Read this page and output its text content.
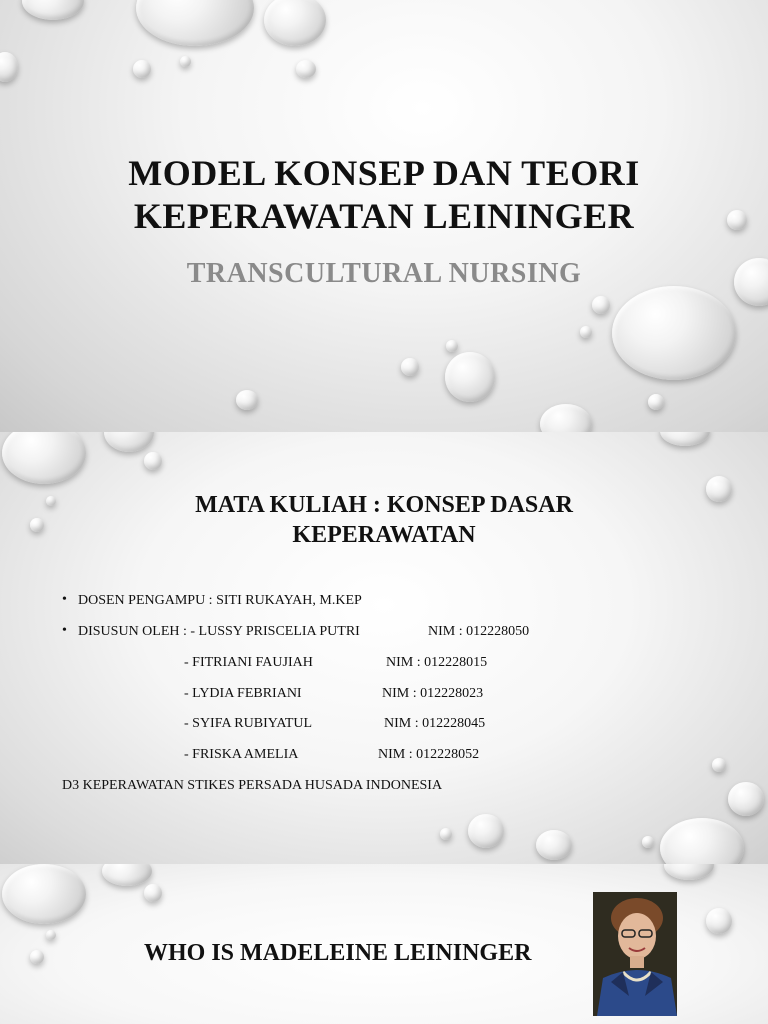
MODEL KONSEP DAN TEORI
KEPERAWATAN LEININGER
TRANSCULTURAL NURSING
MATA KULIAH : KONSEP DASAR
KEPERAWATAN
• DOSEN PENGAMPU : SITI RUKAYAH, M.KEP
• DISUSUN OLEH : - LUSSY PRISCELIA PUTRI	NIM : 012228050
- FITRIANI FAUJIAH	NIM : 012228015
- LYDIA FEBRIANI	NIM : 012228023
- SYIFA RUBIYATUL	NIM : 012228045
- FRISKA AMELIA	NIM : 012228052
D3 KEPERAWATAN STIKES PERSADA HUSADA INDONESIA
WHO IS MADELEINE LEININGER
